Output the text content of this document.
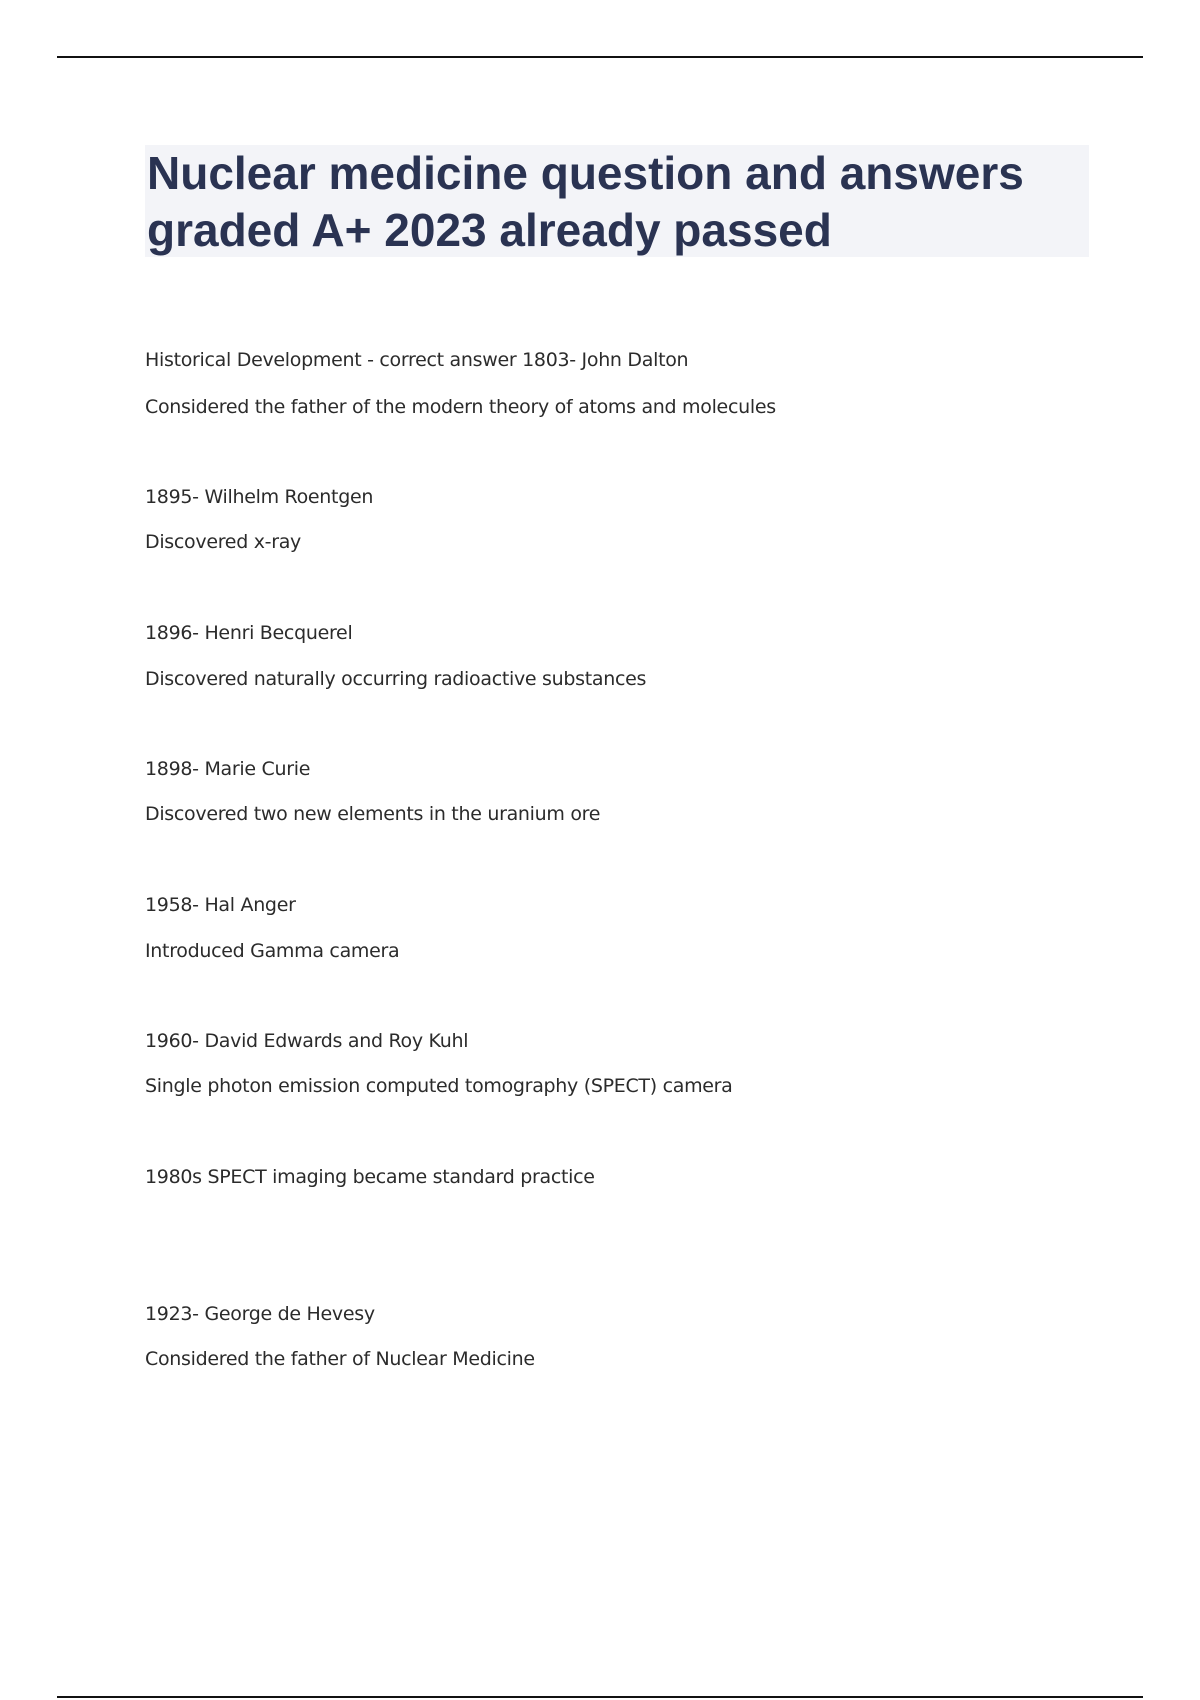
Nuclear medicine question and answers
graded A+ 2023 already passed
Historical Development - correct answer 1803- John Dalton
Considered the father of the modern theory of atoms and molecules
1895- Wilhelm Roentgen
Discovered x-ray
1896- Henri Becquerel
Discovered naturally occurring radioactive substances
1898- Marie Curie
Discovered two new elements in the uranium ore
1958- Hal Anger
Introduced Gamma camera
1960- David Edwards and Roy Kuhl
Single photon emission computed tomography (SPECT) camera
1980s SPECT imaging became standard practice
1923- George de Hevesy
Considered the father of Nuclear Medicine
